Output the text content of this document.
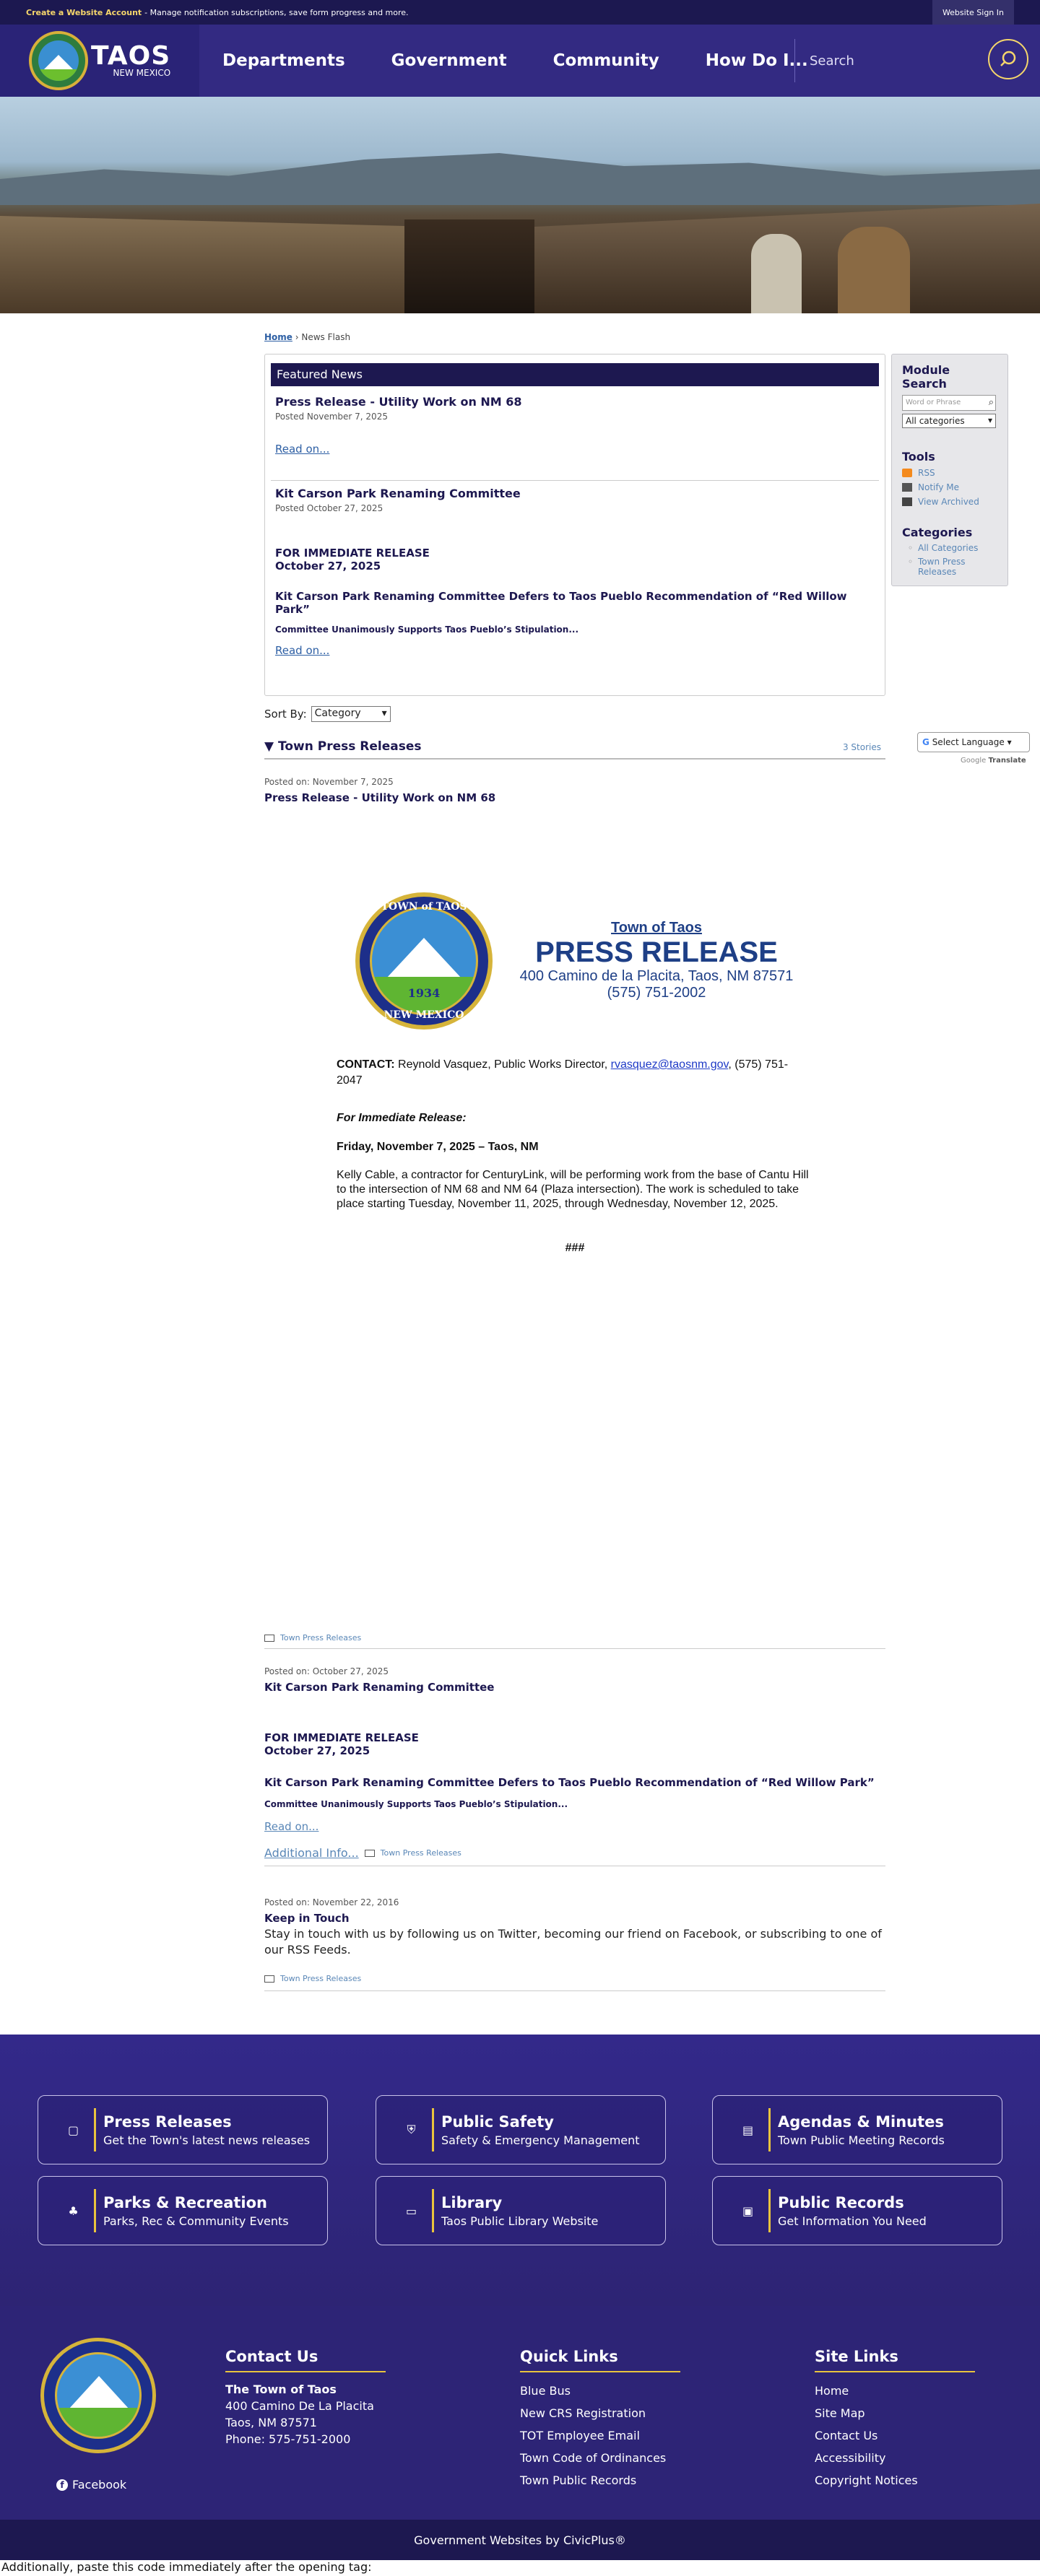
Create a Website Account - Manage notification subscriptions, save form progress and more.	Website Sign In
TAOS
NEW MEXICO
Departments	Government	Community	How Do I... Search
Home › News Flash
Featured News
Press Release - Utility Work on NM 68
Posted November 7, 2025
Read on...
Kit Carson Park Renaming Committee
Posted October 27, 2025
FOR IMMEDIATE RELEASE
October 27, 2025
Kit Carson Park Renaming Committee Defers to Taos Pueblo Recommendation of “Red Willow Park”
Committee Unanimously Supports Taos Pueblo’s Stipulation...
Read on...
Module Search
Word or Phrase	⌕
All categories ▾
Tools
RSS
Notify Me
View Archived
Categories
◦ All Categories
◦ Town Press Releases
Sort By: Category ▾
G Select Language ▾
Google Translate
▼ Town Press Releases	3 Stories
Posted on: November 7, 2025
Press Release - Utility Work on NM 68
1934
TOWN of TAOS
NEW MEXICO
Town of Taos
PRESS RELEASE
400 Camino de la Placita, Taos, NM 87571
(575) 751-2002
CONTACT: Reynold Vasquez, Public Works Director, rvasquez@taosnm.gov, (575) 751-2047
For Immediate Release:
Friday, November 7, 2025 – Taos, NM
Kelly Cable, a contractor for CenturyLink, will be performing work from the base of Cantu Hill to the intersection of NM 68 and NM 64 (Plaza intersection). The work is scheduled to take place starting Tuesday, November 11, 2025, through Wednesday, November 12, 2025.
###
Town Press Releases
Posted on: October 27, 2025
Kit Carson Park Renaming Committee
FOR IMMEDIATE RELEASE
October 27, 2025
Kit Carson Park Renaming Committee Defers to Taos Pueblo Recommendation of “Red Willow Park”
Committee Unanimously Supports Taos Pueblo’s Stipulation...
Read on...
Additional Info...	Town Press Releases
Posted on: November 22, 2016
Keep in Touch
Stay in touch with us by following us on Twitter, becoming our friend on Facebook, or subscribing to one of our RSS Feeds.
Town Press Releases
▢	Press Releases
Get the Town's latest news releases
⛨	Public Safety
Safety & Emergency Management
▤	Agendas & Minutes
Town Public Meeting Records
♣	Parks & Recreation
Parks, Rec & Community Events
▭	Library
Taos Public Library Website
▣	Public Records
Get Information You Need
f Facebook
Contact Us
The Town of Taos
400 Camino De La Placita
Taos, NM 87571
Phone: 575-751-2000
Quick Links
Blue Bus
New CRS Registration
TOT Employee Email
Town Code of Ordinances
Town Public Records
Site Links
Home
Site Map
Contact Us
Accessibility
Copyright Notices
Government Websites by CivicPlus®
Additionally, paste this code immediately after the opening tag:
